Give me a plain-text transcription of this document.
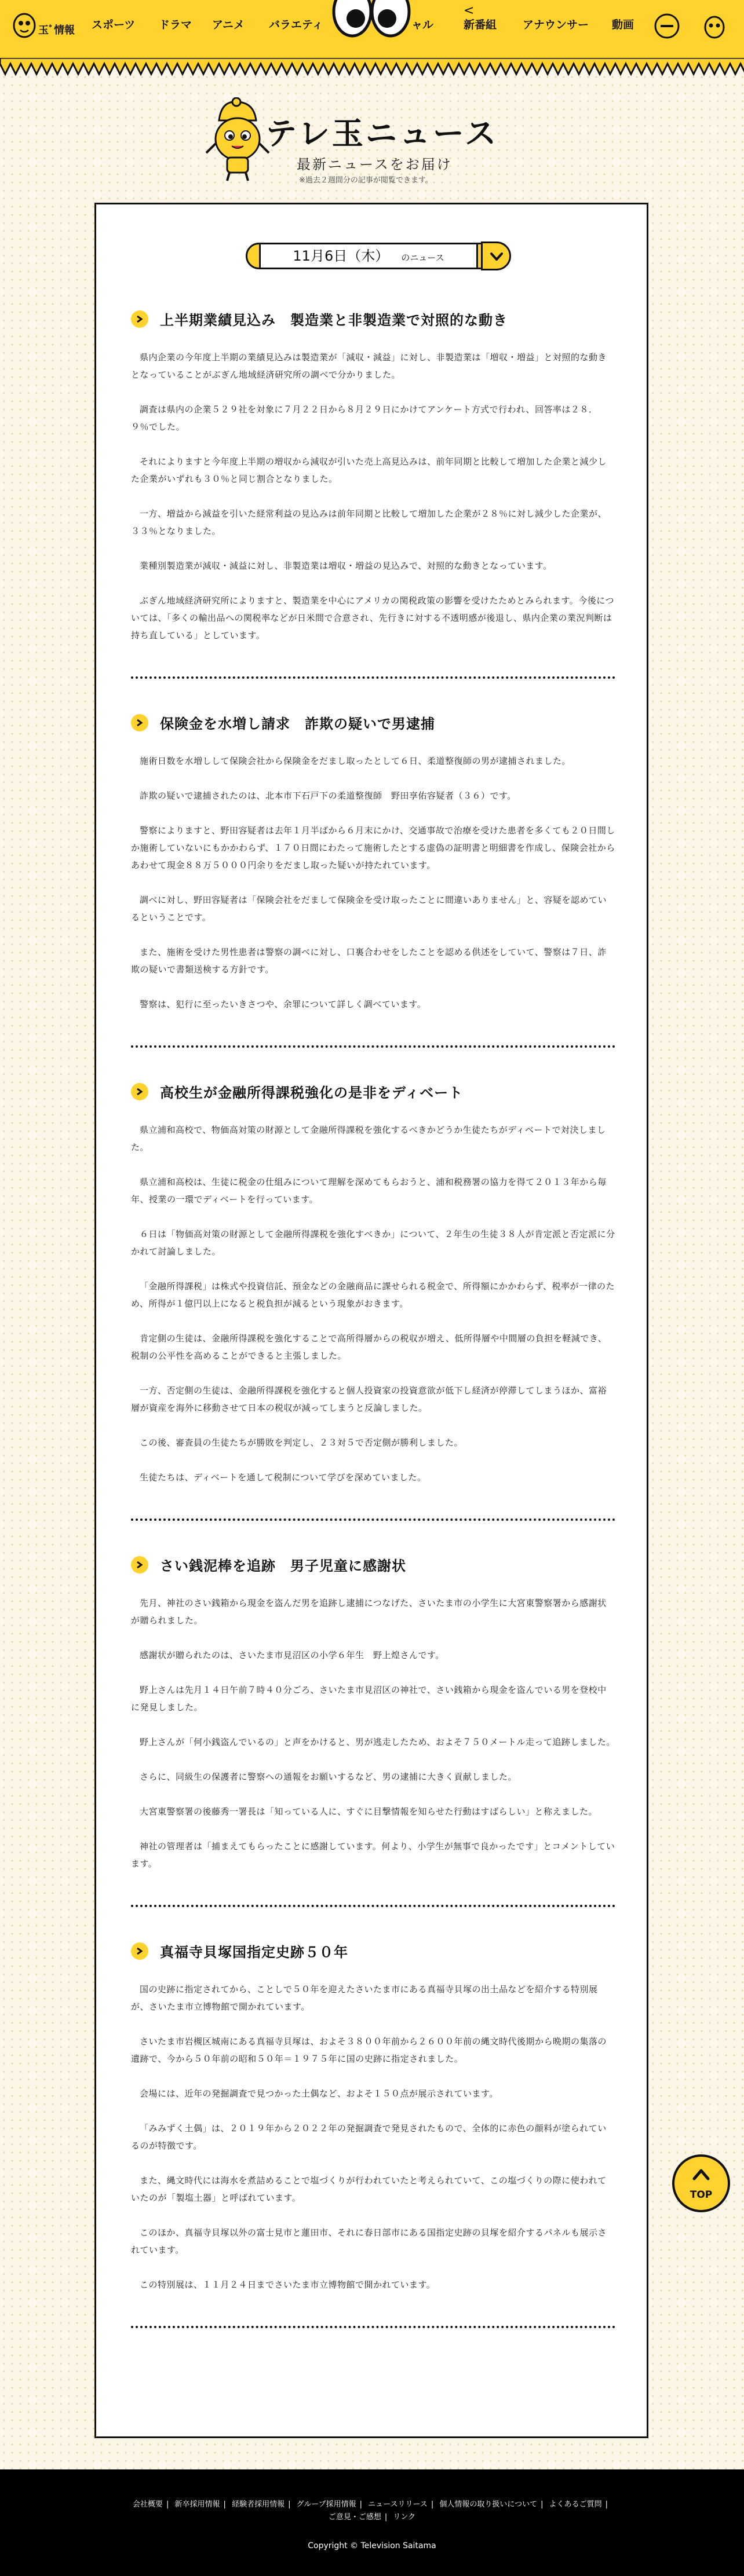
玉ﾞ情報 スポーツ ドラマ アニメ バラエティ	ャル	新番組 アナウンサー 動画
<
テレ玉ニュース

最新ニュースをお届け

※過去２週間分の記事が閲覧できます。

11月6日（木） のニュース
上半期業績見込み　製造業と非製造業で対照的な動き

県内企業の今年度上半期の業績見込みは製造業が「減収・減益」に対し、非製造業は「増収・増益」と対照的な動きとなっていることがぶぎん地域経済研究所の調べで分かりました。

調査は県内の企業５２９社を対象に７月２２日から８月２９日にかけてアンケート方式で行われ、回答率は２８．９％でした。

それによりますと今年度上半期の増収から減収が引いた売上高見込みは、前年同期と比較して増加した企業と減少した企業がいずれも３０％と同じ割合となりました。

一方、増益から減益を引いた経常利益の見込みは前年同期と比較して増加した企業が２８％に対し減少した企業が、３３％となりました。

業種別製造業が減収・減益に対し、非製造業は増収・増益の見込みで、対照的な動きとなっています。

ぶぎん地域経済研究所によりますと、製造業を中心にアメリカの関税政策の影響を受けたためとみられます。今後については、「多くの輸出品への関税率などが日米間で合意され、先行きに対する不透明感が後退し、県内企業の業況判断は持ち直している」としています。

保険金を水増し請求　詐欺の疑いで男逮捕

施術日数を水増しして保険会社から保険金をだまし取ったとして６日、柔道整復師の男が逮捕されました。

詐欺の疑いで逮捕されたのは、北本市下石戸下の柔道整復師　野田享佑容疑者（３６）です。

警察によりますと、野田容疑者は去年１月半ばから６月末にかけ、交通事故で治療を受けた患者を多くても２０日間しか施術していないにもかかわらず、１７０日間にわたって施術したとする虚偽の証明書と明細書を作成し、保険会社からあわせて現金８８万５０００円余りをだまし取った疑いが持たれています。

調べに対し、野田容疑者は「保険会社をだまして保険金を受け取ったことに間違いありません」と、容疑を認めているということです。

また、施術を受けた男性患者は警察の調べに対し、口裏合わせをしたことを認める供述をしていて、警察は７日、詐欺の疑いで書類送検する方針です。

警察は、犯行に至ったいきさつや、余罪について詳しく調べています。

高校生が金融所得課税強化の是非をディベート

県立浦和高校で、物価高対策の財源として金融所得課税を強化するべきかどうか生徒たちがディベートで対決しました。

県立浦和高校は、生徒に税金の仕組みについて理解を深めてもらおうと、浦和税務署の協力を得て２０１３年から毎年、授業の一環でディベートを行っています。

６日は「物価高対策の財源として金融所得課税を強化すべきか」について、２年生の生徒３８人が肯定派と否定派に分かれて討論しました。

「金融所得課税」は株式や投資信託、預金などの金融商品に課せられる税金で、所得額にかかわらず、税率が一律のため、所得が１億円以上になると税負担が減るという現象がおきます。

肯定側の生徒は、金融所得課税を強化することで高所得層からの税収が増え、低所得層や中間層の負担を軽減でき、税制の公平性を高めることができると主張しました。

一方、否定側の生徒は、金融所得課税を強化すると個人投資家の投資意欲が低下し経済が停滞してしまうほか、富裕層が資産を海外に移動させて日本の税収が減ってしまうと反論しました。

この後、審査員の生徒たちが勝敗を判定し、２３対５で否定側が勝利しました。

生徒たちは、ディベートを通して税制について学びを深めていました。

さい銭泥棒を追跡　男子児童に感謝状

先月、神社のさい銭箱から現金を盗んだ男を追跡し逮捕につなげた、さいたま市の小学生に大宮東警察署から感謝状が贈られました。

感謝状が贈られたのは、さいたま市見沼区の小学６年生　野上煌さんです。

野上さんは先月１４日午前７時４０分ごろ、さいたま市見沼区の神社で、さい銭箱から現金を盗んでいる男を登校中に発見しました。

野上さんが「何小銭盗んでいるの」と声をかけると、男が逃走したため、およそ７５０メートル走って追跡しました。

さらに、同級生の保護者に警察への通報をお願いするなど、男の逮捕に大きく貢献しました。

大宮東警察署の後藤秀一署長は「知っている人に、すぐに目撃情報を知らせた行動はすばらしい」と称えました。

神社の管理者は「捕まえてもらったことに感謝しています。何より、小学生が無事で良かったです」とコメントしています。

真福寺貝塚国指定史跡５０年

国の史跡に指定されてから、ことしで５０年を迎えたさいたま市にある真福寺貝塚の出土品などを紹介する特別展が、さいたま市立博物館で開かれています。

さいたま市岩槻区城南にある真福寺貝塚は、およそ３８００年前から２６００年前の縄文時代後期から晩期の集落の遺跡で、今から５０年前の昭和５０年＝１９７５年に国の史跡に指定されました。

会場には、近年の発掘調査で見つかった土偶など、およそ１５０点が展示されています。

「みみずく土偶」は、２０１９年から２０２２年の発掘調査で発見されたもので、全体的に赤色の顔料が塗られているのが特徴です。

また、縄文時代には海水を煮詰めることで塩づくりが行われていたと考えられていて、この塩づくりの際に使われていたのが「製塩土器」と呼ばれています。

このほか、真福寺貝塚以外の富士見市と蓮田市、それに春日部市にある国指定史跡の貝塚を紹介するパネルも展示されています。

この特別展は、１１月２４日までさいたま市立博物館で開かれています。

TOP
会社概要 | 新卒採用情報 | 経験者採用情報 | グループ採用情報 | ニュースリリース | 個人情報の取り扱いについて | よくあるご質問 |
ご意見・ご感想 | リンク

Copyright © Television Saitama
